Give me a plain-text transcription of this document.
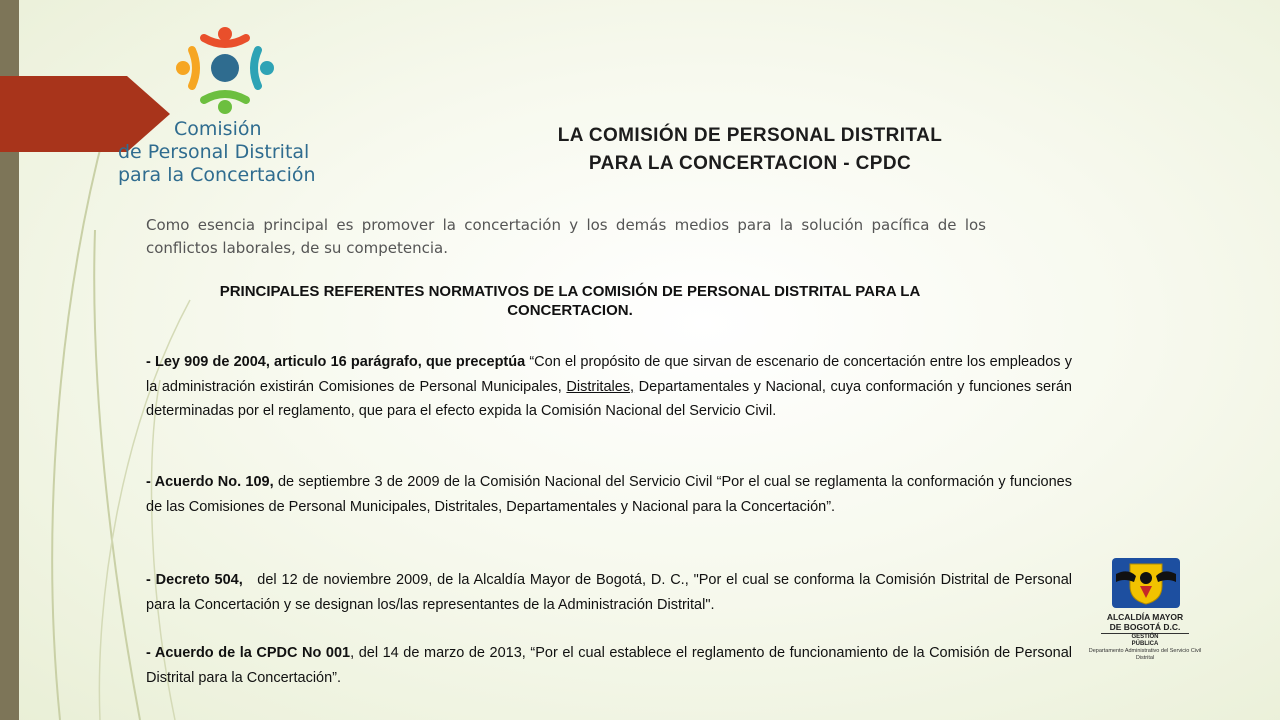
Comisión
de Personal Distrital
para la Concertación
LA COMISIÓN DE PERSONAL DISTRITAL
PARA LA CONCERTACION - CPDC
Como esencia principal es promover la concertación y los demás medios para la solución pacífica de los conflictos laborales, de su competencia.
PRINCIPALES REFERENTES NORMATIVOS DE LA COMISIÓN DE PERSONAL DISTRITAL PARA LA CONCERTACION.
- Ley 909 de 2004, articulo 16 parágrafo, que preceptúa “Con el propósito de que sirvan de escenario de concertación entre los empleados y la administración existirán Comisiones de Personal Municipales, Distritales, Departamentales y Nacional, cuya conformación y funciones serán determinadas por el reglamento, que para el efecto expida la Comisión Nacional del Servicio Civil.
- Acuerdo No. 109, de septiembre 3 de 2009 de la Comisión Nacional del Servicio Civil “Por el cual se reglamenta la conformación y funciones de las Comisiones de Personal Municipales, Distritales, Departamentales y Nacional para la Concertación”.
- Decreto 504,   del 12 de noviembre 2009, de la Alcaldía Mayor de Bogotá, D. C., "Por el cual se conforma la Comisión Distrital de Personal para la Concertación y se designan los/las representantes de la Administración Distrital".
- Acuerdo de la CPDC No 001, del 14 de marzo de 2013, “Por el cual establece el reglamento de funcionamiento de la Comisión de Personal Distrital para la Concertación”.
ALCALDÍA MAYOR
DE BOGOTÁ D.C.
GESTIÓN
PÚBLICA
Departamento Administrativo del Servicio Civil Distrital
